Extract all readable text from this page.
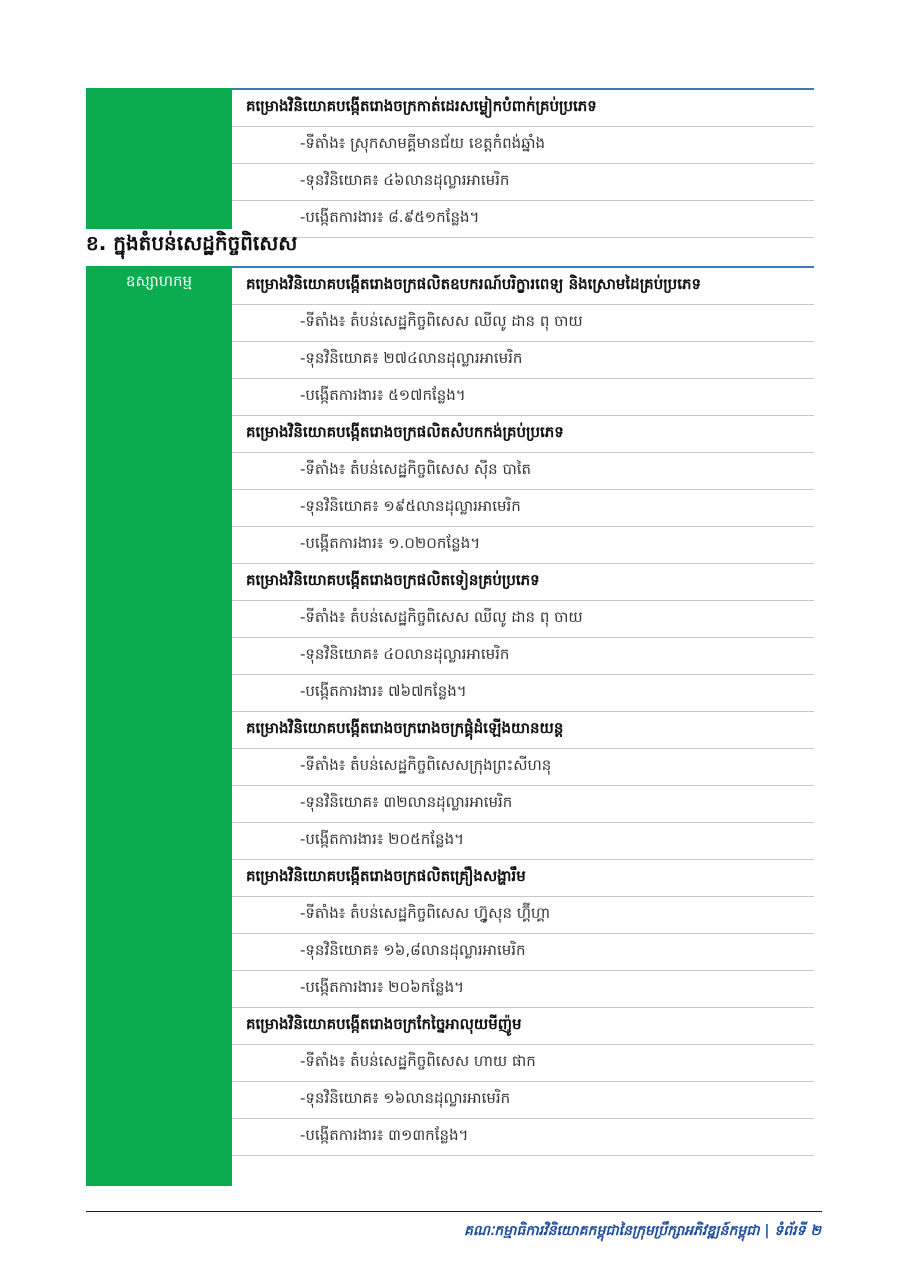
គម្រោងវិនិយោគបង្កើតរោងចក្រកាត់ដេរសម្លៀកបំពាក់គ្រប់ប្រភេទ
-ទីតាំង៖ ស្រុកសាមគ្គីមានជ័យ ខេត្តកំពង់ឆ្នាំង
-ទុនវិនិយោគ៖ ៤៦លានដុល្លារអាមេរិក
-បង្កើតការងារ៖ ៨.៩៥១កន្លែង។
ខ. ក្នុងតំបន់សេដ្ឋកិច្ចពិសេស
ឧស្សាហកម្ម	គម្រោងវិនិយោគបង្កើតរោងចក្រផលិតឧបករណ៍បរិក្ខារពេទ្យ និងស្រោមដៃគ្រប់ប្រភេទ
-ទីតាំង៖ តំបន់សេដ្ឋកិច្ចពិសេស ឈីលូ ដាន ពុ ចាយ
-ទុនវិនិយោគ៖ ២៧៤លានដុល្លារអាមេរិក
-បង្កើតការងារ៖ ៥១៧កន្លែង។
គម្រោងវិនិយោគបង្កើតរោងចក្រផលិតសំបកកង់គ្រប់ប្រភេទ
-ទីតាំង៖ តំបន់សេដ្ឋកិច្ចពិសេស ស៊ីន បាតៃ
-ទុនវិនិយោគ៖ ១៩៥លានដុល្លារអាមេរិក
-បង្កើតការងារ៖ ១.០២០កន្លែង។
គម្រោងវិនិយោគបង្កើតរោងចក្រផលិតទៀនគ្រប់ប្រភេទ
-ទីតាំង៖ តំបន់សេដ្ឋកិច្ចពិសេស ឈីលូ ដាន ពុ ចាយ
-ទុនវិនិយោគ៖ ៤០លានដុល្លារអាមេរិក
-បង្កើតការងារ៖ ៧៦៧កន្លែង។
គម្រោងវិនិយោគបង្កើតរោងចក្ររោងចក្រផ្គុំដំឡើងយានយន្ត
-ទីតាំង៖ តំបន់សេដ្ឋកិច្ចពិសេសក្រុងព្រះសីហនុ
-ទុនវិនិយោគ៖ ៣២លានដុល្លារអាមេរិក
-បង្កើតការងារ៖ ២០៥កន្លែង។
គម្រោងវិនិយោគបង្កើតរោងចក្រផលិតគ្រឿងសង្ហារឹម
-ទីតាំង៖ តំបន់សេដ្ឋកិច្ចពិសេស ហ្វ៊ូសុន ហ្គ៊ីហ្គា
-ទុនវិនិយោគ៖ ១៦,៨លានដុល្លារអាមេរិក
-បង្កើតការងារ៖ ២០៦កន្លែង។
គម្រោងវិនិយោគបង្កើតរោងចក្រកែច្នៃអាលុយមីញ៉ូម
-ទីតាំង៖ តំបន់សេដ្ឋកិច្ចពិសេស ហាយ ផាក
-ទុនវិនិយោគ៖ ១៦លានដុល្លារអាមេរិក
-បង្កើតការងារ៖ ៣១៣កន្លែង។
គណៈកម្មាធិការវិនិយោគកម្ពុជានៃក្រុមប្រឹក្សាអភិវឌ្ឍន៍កម្ពុជា | ទំព័រទី ២
